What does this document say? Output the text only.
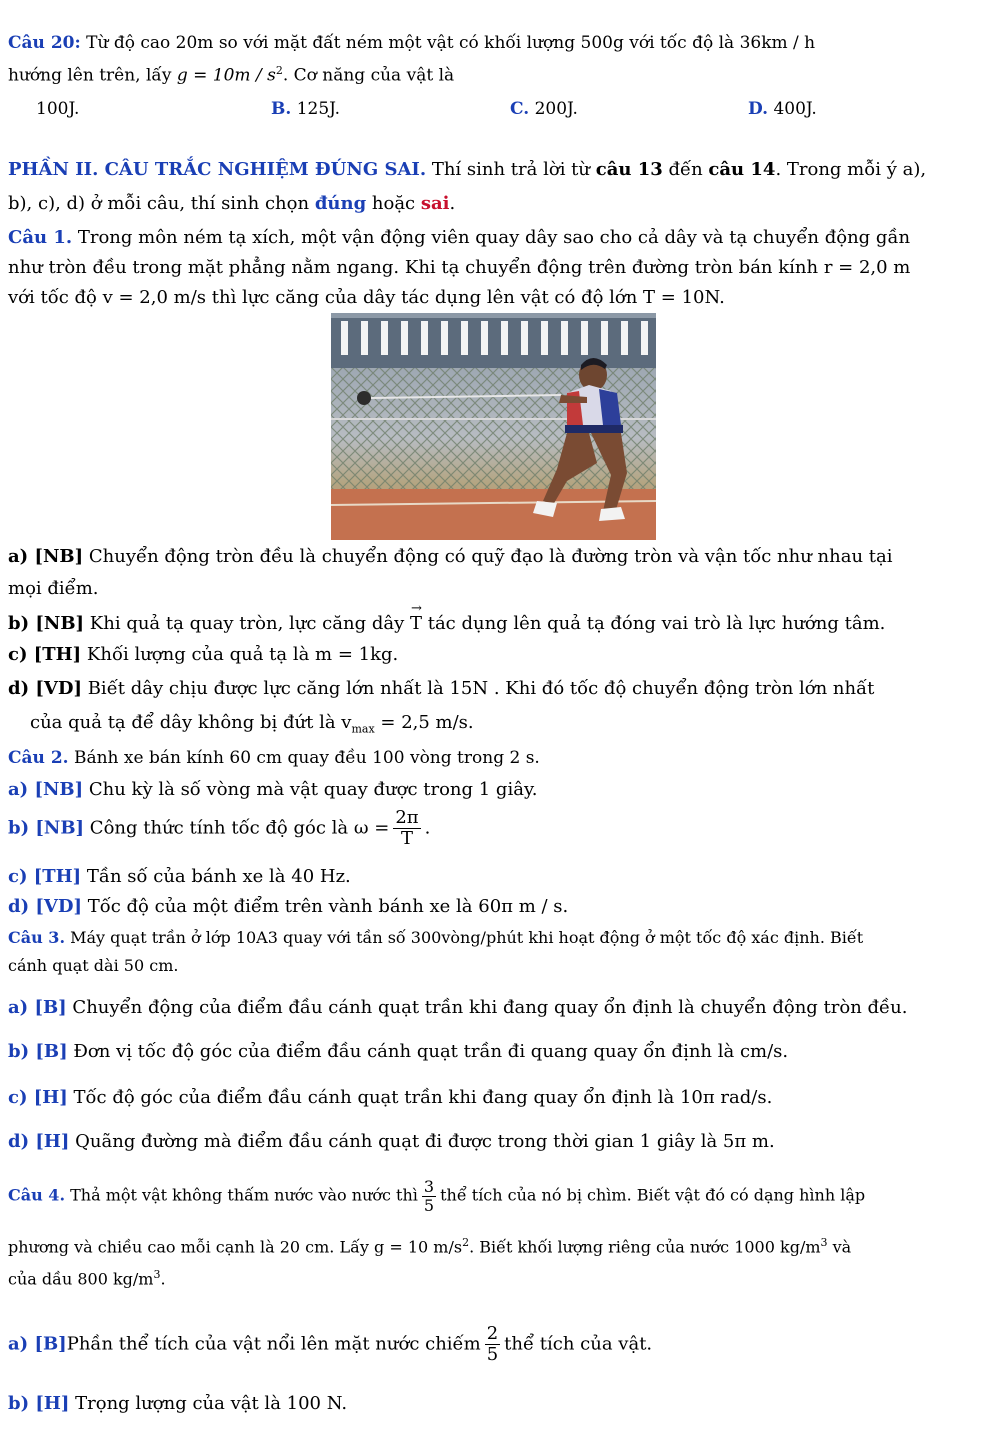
Câu 20: Từ độ cao 20m so với mặt đất ném một vật có khối lượng 500g với tốc độ là 36km / h
hướng lên trên, lấy $g = 10m / s^2$. Cơ năng của vật là
100J.	B. 125J.	C. 200J.	D. 400J.
PHẦN II. CÂU TRẮC NGHIỆM ĐÚNG SAI. Thí sinh trả lời từ câu 13 đến câu 14. Trong mỗi ý a),
b), c), d) ở mỗi câu, thí sinh chọn đúng hoặc sai.
Câu 1. Trong môn ném tạ xích, một vận động viên quay dây sao cho cả dây và tạ chuyển động gần
như tròn đều trong mặt phẳng nằm ngang. Khi tạ chuyển động trên đường tròn bán kính r = 2,0 m
với tốc độ v = 2,0 m/s thì lực căng của dây tác dụng lên vật có độ lớn T = 10N.
a) [NB] Chuyển động tròn đều là chuyển động có quỹ đạo là đường tròn và vận tốc như nhau tại
mọi điểm.
b) [NB] Khi quả tạ quay tròn, lực căng dây
→
T tác dụng lên quả tạ đóng vai trò là lực hướng tâm.
c) [TH] Khối lượng của quả tạ là m = 1kg.
d) [VD] Biết dây chịu được lực căng lớn nhất là 15N . Khi đó tốc độ chuyển động tròn lớn nhất
của quả tạ để dây không bị đứt là $v_{max} = 2,5$ m/s.
Câu 2. Bánh xe bán kính 60 cm quay đều 100 vòng trong 2 s.
a) [NB] Chu kỳ là số vòng mà vật quay được trong 1 giây.
b) [NB] Công thức tính tốc độ góc là $\omega = \frac{2\pi}{T}$ .
c) [TH] Tần số của bánh xe là 40 Hz.
d) [VD] Tốc độ của một điểm trên vành bánh xe là 60π m / s.
Câu 3. Máy quạt trần ở lớp 10A3 quay với tần số 300vòng/phút khi hoạt động ở một tốc độ xác định. Biết
cánh quạt dài 50 cm.
a) [B] Chuyển động của điểm đầu cánh quạt trần khi đang quay ổn định là chuyển động tròn đều.
b) [B] Đơn vị tốc độ góc của điểm đầu cánh quạt trần đi quang quay ổn định là cm/s.
c) [H] Tốc độ góc của điểm đầu cánh quạt trần khi đang quay ổn định là 10π rad/s.
d) [H] Quãng đường mà điểm đầu cánh quạt đi được trong thời gian 1 giây là 5π m.
Câu 4. Thả một vật không thấm nước vào nước thì $\frac{3}{5}$ thể tích của nó bị chìm. Biết vật đó có dạng hình lập
phương và chiều cao mỗi cạnh là 20 cm. Lấy g = 10 $m/s^2$. Biết khối lượng riêng của nước 1000 $kg/m^3$ và
của dầu 800 $kg/m^3$.
a) [B]Phần thể tích của vật nổi lên mặt nước chiếm $\frac{2}{5}$ thể tích của vật.
b) [H] Trọng lượng của vật là 100 N.
